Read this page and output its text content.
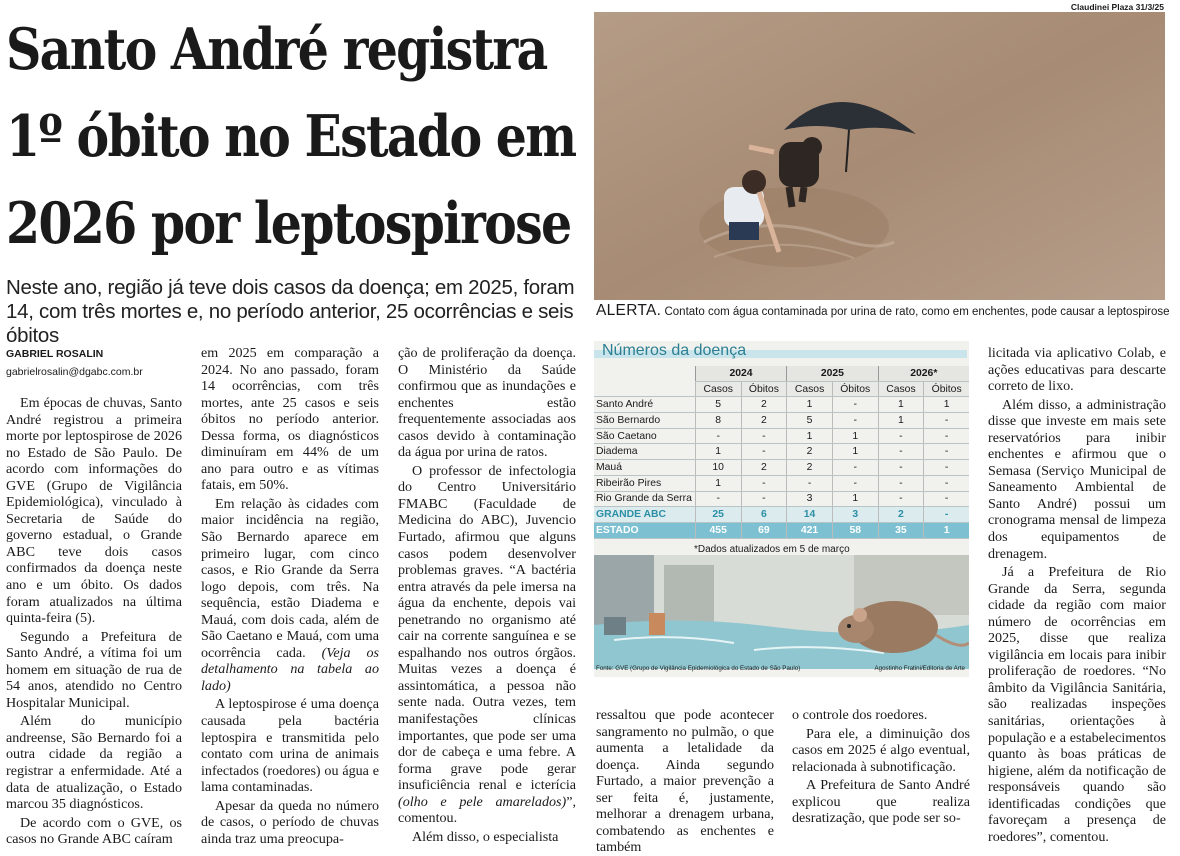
Santo André registra
1º óbito no Estado em
2026 por leptospirose
Neste ano, região já teve dois casos da doença; em 2025, foram 14, com três mortes e, no período anterior, 25 ocorrências e seis óbitos
Claudinei Plaza 31/3/25
ALERTA. Contato com água contaminada por urina de rato, como em enchentes, pode causar a leptospirose
GABRIEL ROSALIN
gabrielrosalin@dgabc.com.br

Em épocas de chuvas, Santo André registrou a primeira morte por leptospirose de 2026 no Estado de São Paulo. De acordo com informações do GVE (Grupo de Vigilância Epidemiológica), vinculado à Secretaria de Saúde do governo estadual, o Grande ABC teve dois casos confirmados da doença neste ano e um óbito. Os dados foram atualizados na última quinta-feira (5).

Segundo a Prefeitura de Santo André, a vítima foi um homem em situação de rua de 54 anos, atendido no Centro Hospitalar Municipal.

Além do município andreense, São Bernardo foi a outra cidade da região a registrar a enfermidade. Até a data de atualização, o Estado marcou 35 diagnósticos.

De acordo com o GVE, os casos no Grande ABC caíram

em 2025 em comparação a 2024. No ano passado, foram 14 ocorrências, com três mortes, ante 25 casos e seis óbitos no período anterior. Dessa forma, os diagnósticos diminuíram em 44% de um ano para outro e as vítimas fatais, em 50%.

Em relação às cidades com maior incidência na região, São Bernardo aparece em primeiro lugar, com cinco casos, e Rio Grande da Serra logo depois, com três. Na sequência, estão Diadema e Mauá, com dois cada, além de São Caetano e Mauá, com uma ocorrência cada. (Veja os detalhamento na tabela ao lado)

A leptospirose é uma doença causada pela bactéria leptospira e transmitida pelo contato com urina de animais infectados (roedores) ou água e lama contaminadas.

Apesar da queda no número de casos, o período de chuvas ainda traz uma preocupa-

ção de proliferação da doença. O Ministério da Saúde confirmou que as inundações e enchentes estão frequentemente associadas aos casos devido à contaminação da água por urina de ratos.

O professor de infectologia do Centro Universitário FMABC (Faculdade de Medicina do ABC), Juvencio Furtado, afirmou que alguns casos podem desenvolver problemas graves. “A bactéria entra através da pele imersa na água da enchente, depois vai penetrando no organismo até cair na corrente sanguínea e se espalhando nos outros órgãos. Muitas vezes a doença é assintomática, a pessoa não sente nada. Outra vezes, tem manifestações clínicas importantes, que pode ser uma dor de cabeça e uma febre. A forma grave pode gerar insuficiência renal e icterícia (olho e pele amarelados)”, comentou.

Além disso, o especialista

Números da doença
	2024		2025		2026*	
	Casos	Óbitos	Casos	Óbitos	Casos	Óbitos
Santo André	5	2	1	-	1	1
São Bernardo	8	2	5	-	1	-
São Caetano	-	-	1	1	-	-
Diadema	1	-	2	1	-	-
Mauá	10	2	2	-	-	-
Ribeirão Pires	1	-	-	-	-	-
Rio Grande da Serra	-	-	3	1	-	-
GRANDE ABC	25	6	14	3	2	-
ESTADO	455	69	421	58	35	1
*Dados atualizados em 5 de março
Fonte: GVE (Grupo de Vigilância Epidemiológica do Estado de São Paulo)	Agostinho Fratini/Editoria de Arte

ressaltou que pode acontecer sangramento no pulmão, o que aumenta a letalidade da doença. Ainda segundo Furtado, a maior prevenção a ser feita é, justamente, melhorar a drenagem urbana, combatendo as enchentes e também

o controle dos roedores.

Para ele, a diminuição dos casos em 2025 é algo eventual, relacionada à subnotificação.

A Prefeitura de Santo André explicou que realiza desratização, que pode ser so-

licitada via aplicativo Colab, e ações educativas para descarte correto de lixo.

Além disso, a administração disse que investe em mais sete reservatórios para inibir enchentes e afirmou que o Semasa (Serviço Municipal de Saneamento Ambiental de Santo André) possui um cronograma mensal de limpeza dos equipamentos de drenagem.

Já a Prefeitura de Rio Grande da Serra, segunda cidade da região com maior número de ocorrências em 2025, disse que realiza vigilância em locais para inibir proliferação de roedores. “No âmbito da Vigilância Sanitária, são realizadas inspeções sanitárias, orientações à população e a estabelecimentos quanto às boas práticas de higiene, além da notificação de responsáveis quando são identificadas condições que favoreçam a presença de roedores”, comentou.
